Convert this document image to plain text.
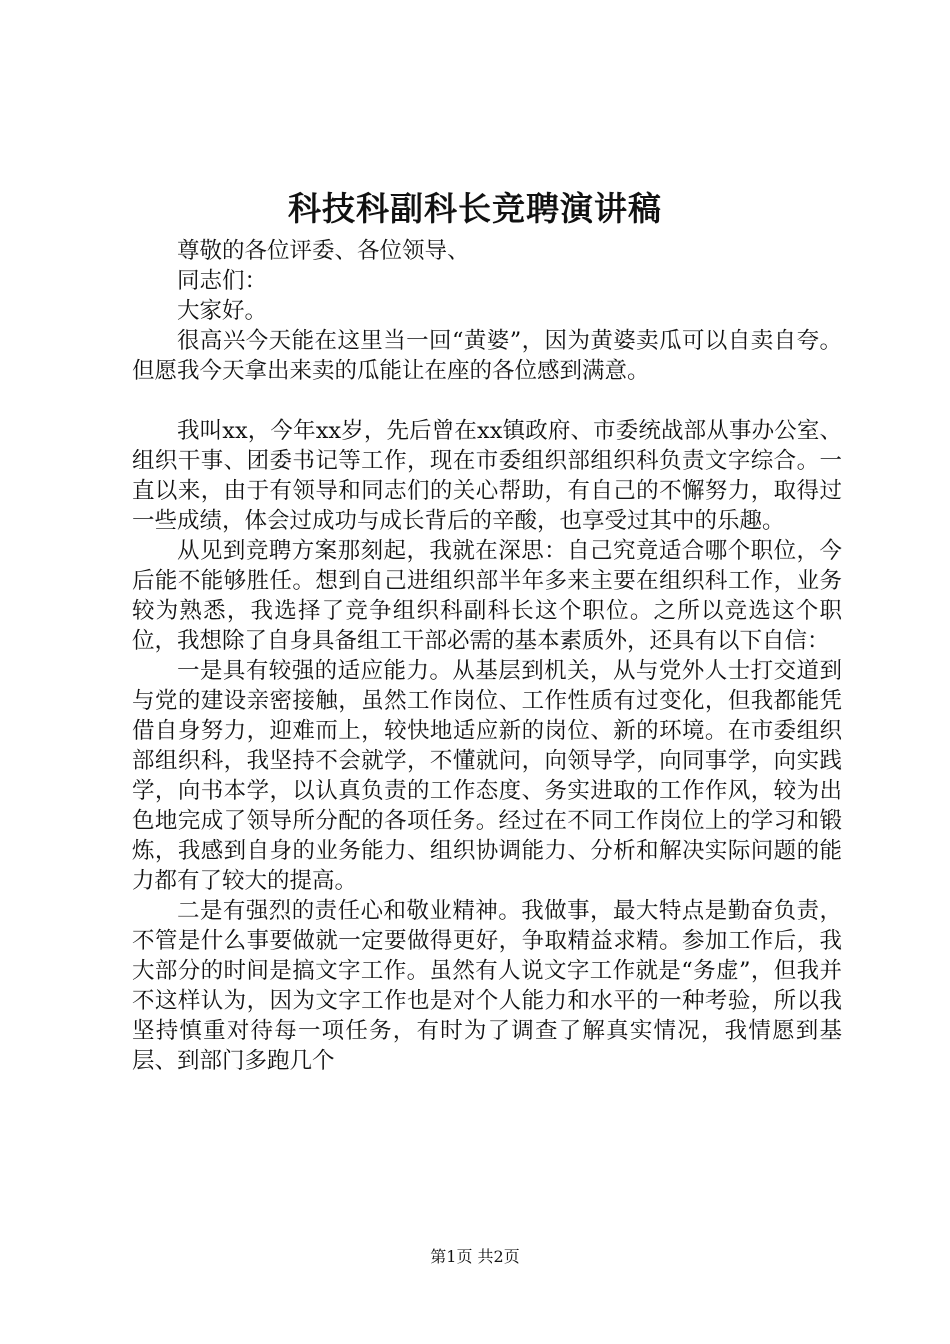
科技科副科长竞聘演讲稿

尊敬的各位评委、各位领导、

同志们：

大家好。

很高兴今天能在这里当一回“黄婆”，因为黄婆卖瓜可以自卖自夸。但愿我今天拿出来卖的瓜能让在座的各位感到满意。

我叫xx，今年xx岁，先后曾在xx镇政府、市委统战部从事办公室、组织干事、团委书记等工作，现在市委组织部组织科负责文字综合。一直以来，由于有领导和同志们的关心帮助，有自己的不懈努力，取得过一些成绩，体会过成功与成长背后的辛酸，也享受过其中的乐趣。

从见到竞聘方案那刻起，我就在深思：自己究竟适合哪个职位，今后能不能够胜任。想到自己进组织部半年多来主要在组织科工作，业务较为熟悉，我选择了竞争组织科副科长这个职位。之所以竞选这个职位，我想除了自身具备组工干部必需的基本素质外，还具有以下自信：

一是具有较强的适应能力。从基层到机关，从与党外人士打交道到与党的建设亲密接触，虽然工作岗位、工作性质有过变化，但我都能凭借自身努力，迎难而上，较快地适应新的岗位、新的环境。在市委组织部组织科，我坚持不会就学，不懂就问，向领导学，向同事学，向实践学，向书本学，以认真负责的工作态度、务实进取的工作作风，较为出色地完成了领导所分配的各项任务。经过在不同工作岗位上的学习和锻炼，我感到自身的业务能力、组织协调能力、分析和解决实际问题的能力都有了较大的提高。

二是有强烈的责任心和敬业精神。我做事，最大特点是勤奋负责，不管是什么事要做就一定要做得更好，争取精益求精。参加工作后，我大部分的时间是搞文字工作。虽然有人说文字工作就是“务虚”，但我并不这样认为，因为文字工作也是对个人能力和水平的一种考验，所以我坚持慎重对待每一项任务，有时为了调查了解真实情况，我情愿到基层、到部门多跑几个

第1页 共2页
